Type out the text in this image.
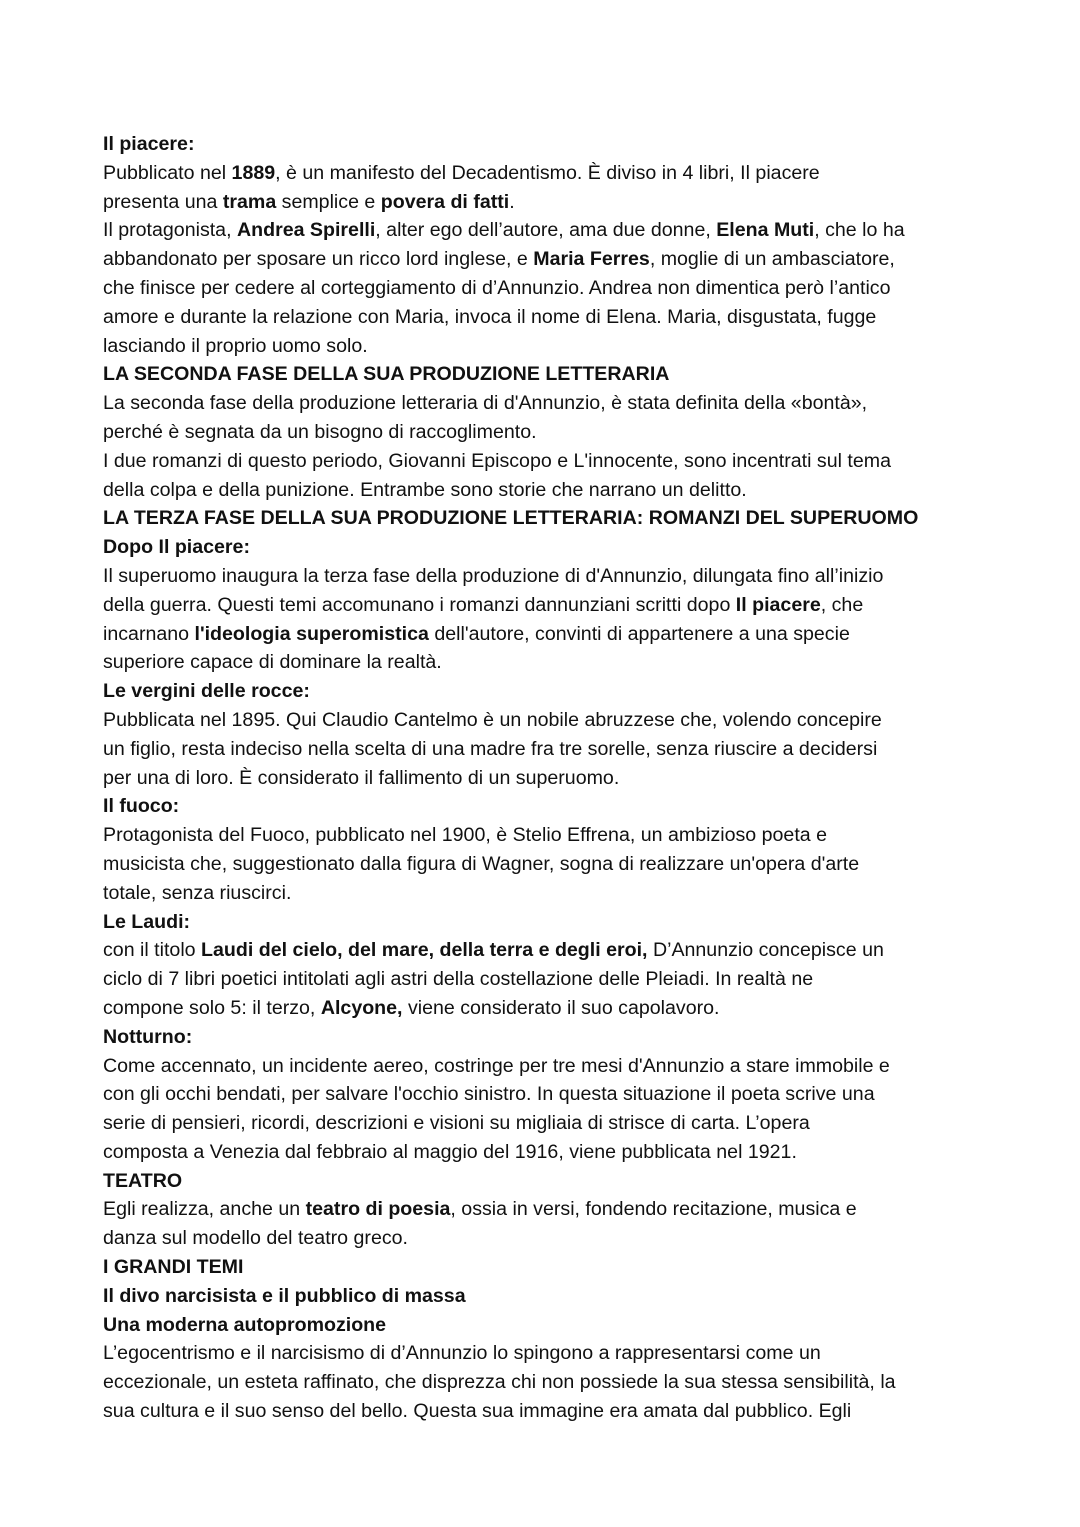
Il piacere:
Pubblicato nel 1889, è un manifesto del Decadentismo. È diviso in 4 libri, Il piacere
presenta una trama semplice e povera di fatti.
Il protagonista, Andrea Spirelli, alter ego dell’autore, ama due donne, Elena Muti, che lo ha
abbandonato per sposare un ricco lord inglese, e Maria Ferres, moglie di un ambasciatore,
che finisce per cedere al corteggiamento di d’Annunzio. Andrea non dimentica però l’antico
amore e durante la relazione con Maria, invoca il nome di Elena. Maria, disgustata, fugge
lasciando il proprio uomo solo.
LA SECONDA FASE DELLA SUA PRODUZIONE LETTERARIA
La seconda fase della produzione letteraria di d'Annunzio, è stata definita della «bontà»,
perché è segnata da un bisogno di raccoglimento.
I due romanzi di questo periodo, Giovanni Episcopo e L'innocente, sono incentrati sul tema
della colpa e della punizione. Entrambe sono storie che narrano un delitto.
LA TERZA FASE DELLA SUA PRODUZIONE LETTERARIA: ROMANZI DEL SUPERUOMO
Dopo Il piacere:
Il superuomo inaugura la terza fase della produzione di d'Annunzio, dilungata fino all’inizio
della guerra. Questi temi accomunano i romanzi dannunziani scritti dopo Il piacere, che
incarnano l'ideologia superomistica dell'autore, convinti di appartenere a una specie
superiore capace di dominare la realtà.
Le vergini delle rocce:
Pubblicata nel 1895. Qui Claudio Cantelmo è un nobile abruzzese che, volendo concepire
un figlio, resta indeciso nella scelta di una madre fra tre sorelle, senza riuscire a decidersi
per una di loro. È considerato il fallimento di un superuomo.
Il fuoco:
Protagonista del Fuoco, pubblicato nel 1900, è Stelio Effrena, un ambizioso poeta e
musicista che, suggestionato dalla figura di Wagner, sogna di realizzare un'opera d'arte
totale, senza riuscirci.
Le Laudi:
con il titolo Laudi del cielo, del mare, della terra e degli eroi, D’Annunzio concepisce un
ciclo di 7 libri poetici intitolati agli astri della costellazione delle Pleiadi. In realtà ne
compone solo 5: il terzo, Alcyone, viene considerato il suo capolavoro.
Notturno:
Come accennato, un incidente aereo, costringe per tre mesi d'Annunzio a stare immobile e
con gli occhi bendati, per salvare l'occhio sinistro. In questa situazione il poeta scrive una
serie di pensieri, ricordi, descrizioni e visioni su migliaia di strisce di carta. L’opera
composta a Venezia dal febbraio al maggio del 1916, viene pubblicata nel 1921.
TEATRO
Egli realizza, anche un teatro di poesia, ossia in versi, fondendo recitazione, musica e
danza sul modello del teatro greco.
I GRANDI TEMI
Il divo narcisista e il pubblico di massa
Una moderna autopromozione
L’egocentrismo e il narcisismo di d’Annunzio lo spingono a rappresentarsi come un
eccezionale, un esteta raffinato, che disprezza chi non possiede la sua stessa sensibilità, la
sua cultura e il suo senso del bello. Questa sua immagine era amata dal pubblico. Egli
